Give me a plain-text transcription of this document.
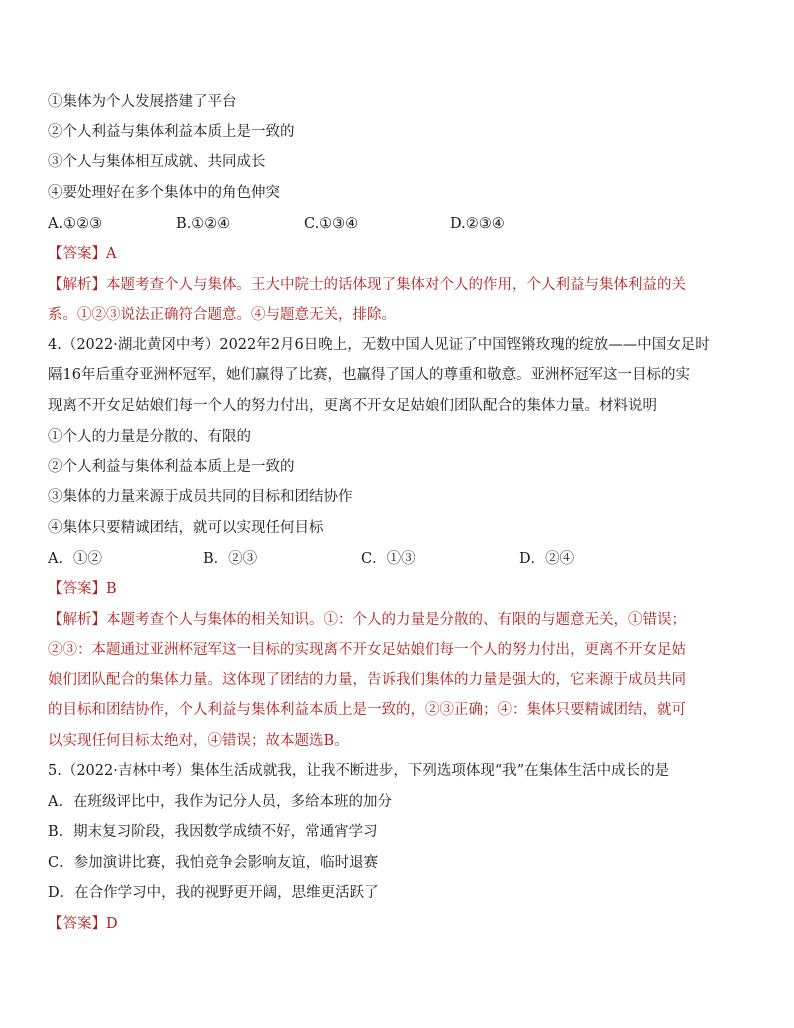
①集体为个人发展搭建了平台
②个人利益与集体利益本质上是一致的
③个人与集体相互成就、共同成长
④要处理好在多个集体中的角色伸突
A.①②③	B.①②④	C.①③④	D.②③④
【答案】A
【解析】本题考查个人与集体。王大中院士的话体现了集体对个人的作用，个人利益与集体利益的关
系。①②③说法正确符合题意。④与题意无关，排除。
4.（2022·湖北黄冈中考）2022年2月6日晚上，无数中国人见证了中国铿锵玫瑰的绽放——中国女足时
隔16年后重夺亚洲杯冠军，她们赢得了比赛，也赢得了国人的尊重和敬意。亚洲杯冠军这一目标的实
现离不开女足姑娘们每一个人的努力付出，更离不开女足姑娘们团队配合的集体力量。材料说明
①个人的力量是分散的、有限的
②个人利益与集体利益本质上是一致的
③集体的力量来源于成员共同的目标和团结协作
④集体只要精诚团结，就可以实现任何目标
A．①②	B．②③	C．①③	D．②④
【答案】B
【解析】本题考查个人与集体的相关知识。①：个人的力量是分散的、有限的与题意无关，①错误；
②③：本题通过亚洲杯冠军这一目标的实现离不开女足姑娘们每一个人的努力付出，更离不开女足姑
娘们团队配合的集体力量。这体现了团结的力量，告诉我们集体的力量是强大的，它来源于成员共同
的目标和团结协作，个人利益与集体利益本质上是一致的，②③正确；④：集体只要精诚团结，就可
以实现任何目标太绝对，④错误；故本题选B。
5.（2022·吉林中考）集体生活成就我，让我不断进步，下列选项体现“我”在集体生活中成长的是
A．在班级评比中，我作为记分人员，多给本班的加分
B．期末复习阶段，我因数学成绩不好，常通宵学习
C．参加演讲比赛，我怕竞争会影响友谊，临时退赛
D．在合作学习中，我的视野更开阔，思维更活跃了
【答案】D
